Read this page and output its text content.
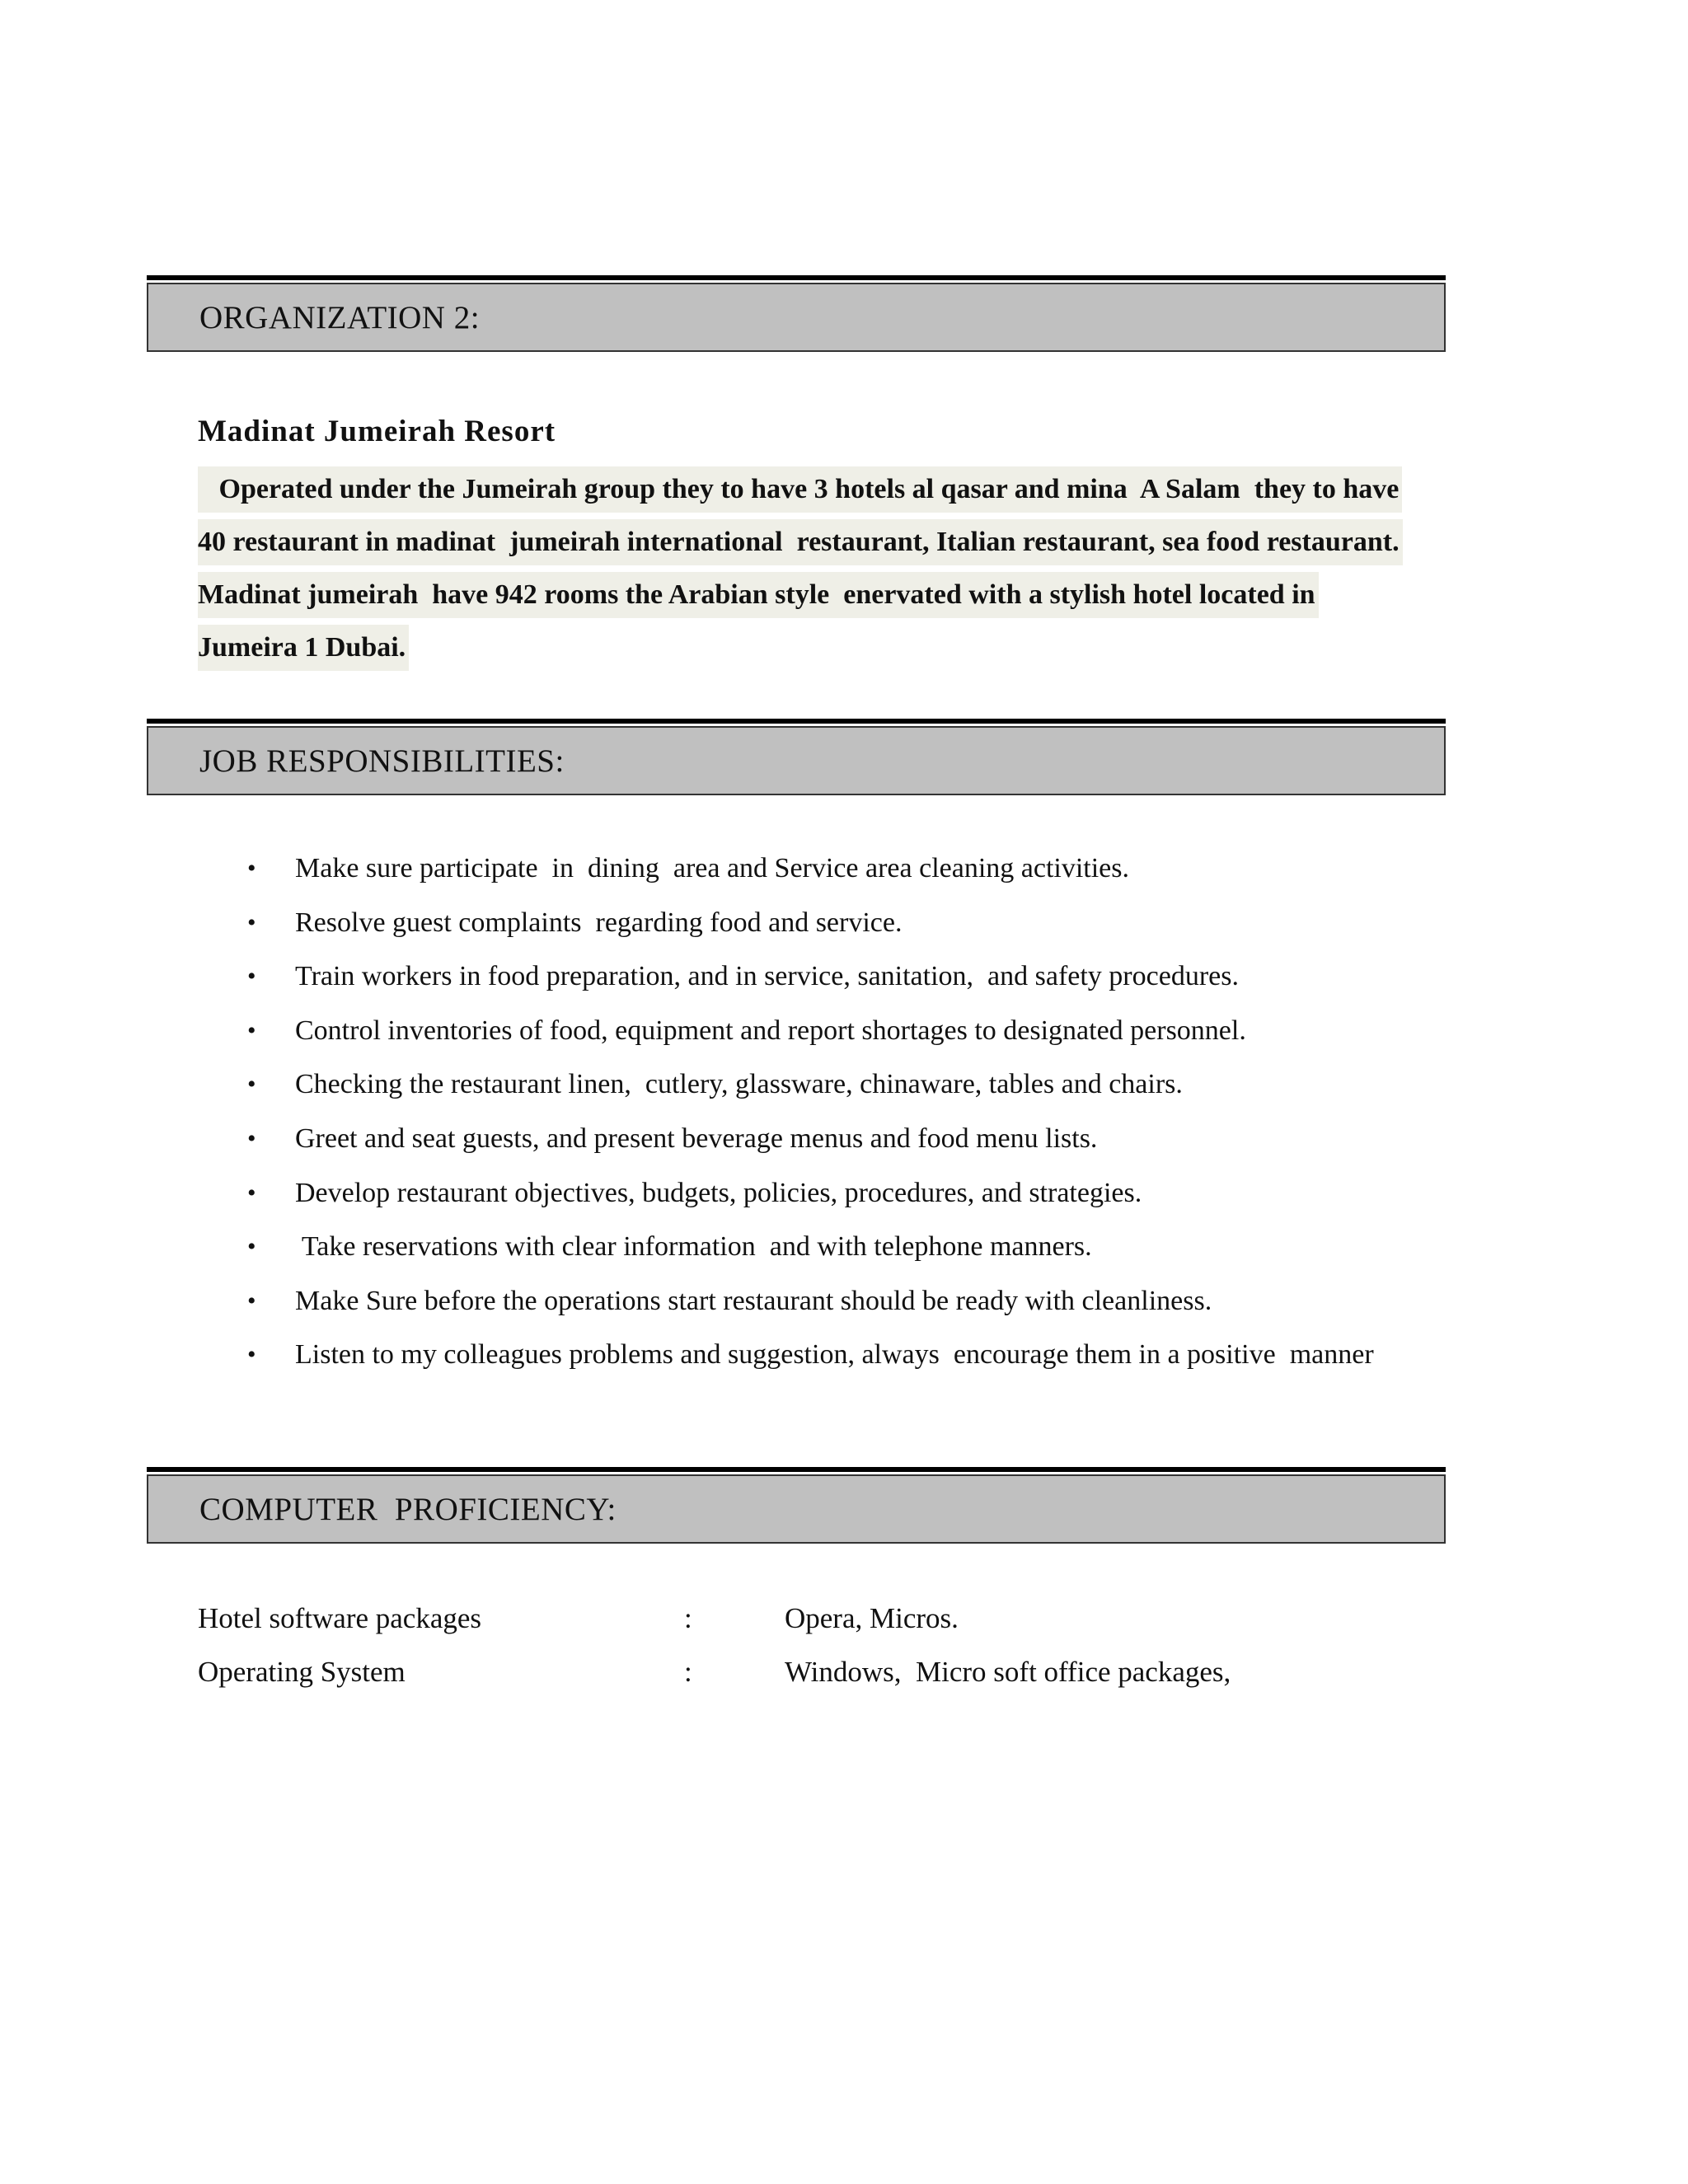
ORGANIZATION 2:
Madinat Jumeirah Resort
Operated under the Jumeirah group they to have 3 hotels al qasar and mina  A Salam  they to have
40 restaurant in madinat  jumeirah international  restaurant, Italian restaurant, sea food restaurant.
Madinat jumeirah  have 942 rooms the Arabian style  enervated with a stylish hotel located in
Jumeira 1 Dubai.
JOB RESPONSIBILITIES:
• Make sure participate  in  dining  area and Service area cleaning activities.
• Resolve guest complaints  regarding food and service.
• Train workers in food preparation, and in service, sanitation,  and safety procedures.
• Control inventories of food, equipment and report shortages to designated personnel.
• Checking the restaurant linen,  cutlery, glassware, chinaware, tables and chairs.
• Greet and seat guests, and present beverage menus and food menu lists.
• Develop restaurant objectives, budgets, policies, procedures, and strategies.
• Take reservations with clear information  and with telephone manners.
• Make Sure before the operations start restaurant should be ready with cleanliness.
• Listen to my colleagues problems and suggestion, always  encourage them in a positive  manner
COMPUTER  PROFICIENCY:
Hotel software packages	:	Opera, Micros.
Operating System	:	Windows,  Micro soft office packages,
